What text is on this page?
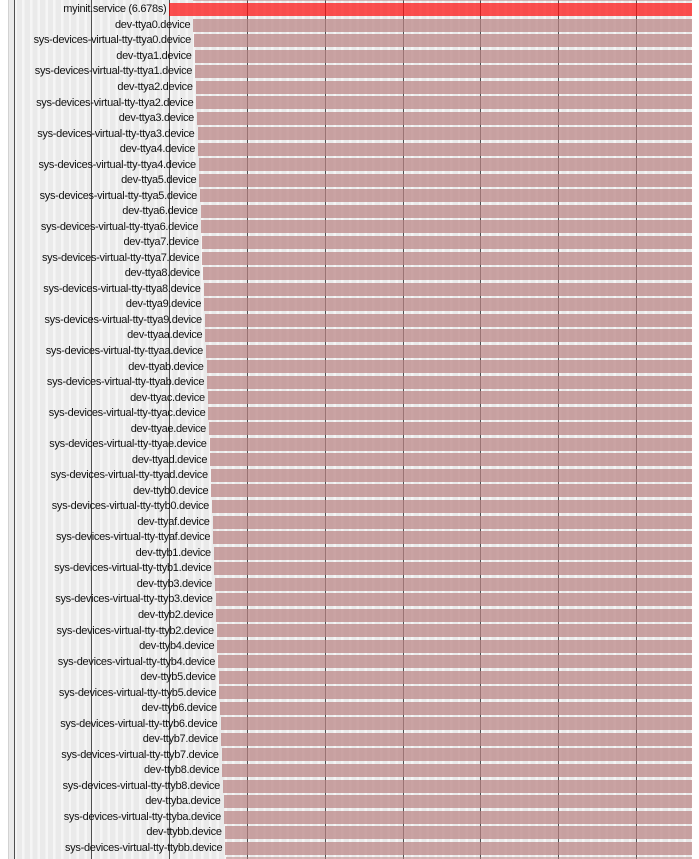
myinit.service (6.678s)
dev-ttya0.device
sys-devices-virtual-tty-ttya0.device
dev-ttya1.device
sys-devices-virtual-tty-ttya1.device
dev-ttya2.device
sys-devices-virtual-tty-ttya2.device
dev-ttya3.device
sys-devices-virtual-tty-ttya3.device
dev-ttya4.device
sys-devices-virtual-tty-ttya4.device
dev-ttya5.device
sys-devices-virtual-tty-ttya5.device
dev-ttya6.device
sys-devices-virtual-tty-ttya6.device
dev-ttya7.device
sys-devices-virtual-tty-ttya7.device
dev-ttya8.device
sys-devices-virtual-tty-ttya8.device
dev-ttya9.device
sys-devices-virtual-tty-ttya9.device
dev-ttyaa.device
sys-devices-virtual-tty-ttyaa.device
dev-ttyab.device
sys-devices-virtual-tty-ttyab.device
dev-ttyac.device
sys-devices-virtual-tty-ttyac.device
dev-ttyae.device
sys-devices-virtual-tty-ttyae.device
dev-ttyad.device
sys-devices-virtual-tty-ttyad.device
dev-ttyb0.device
sys-devices-virtual-tty-ttyb0.device
dev-ttyaf.device
sys-devices-virtual-tty-ttyaf.device
dev-ttyb1.device
sys-devices-virtual-tty-ttyb1.device
dev-ttyb3.device
sys-devices-virtual-tty-ttyb3.device
dev-ttyb2.device
sys-devices-virtual-tty-ttyb2.device
dev-ttyb4.device
sys-devices-virtual-tty-ttyb4.device
dev-ttyb5.device
sys-devices-virtual-tty-ttyb5.device
dev-ttyb6.device
sys-devices-virtual-tty-ttyb6.device
dev-ttyb7.device
sys-devices-virtual-tty-ttyb7.device
dev-ttyb8.device
sys-devices-virtual-tty-ttyb8.device
dev-ttyba.device
sys-devices-virtual-tty-ttyba.device
dev-ttybb.device
sys-devices-virtual-tty-ttybb.device
